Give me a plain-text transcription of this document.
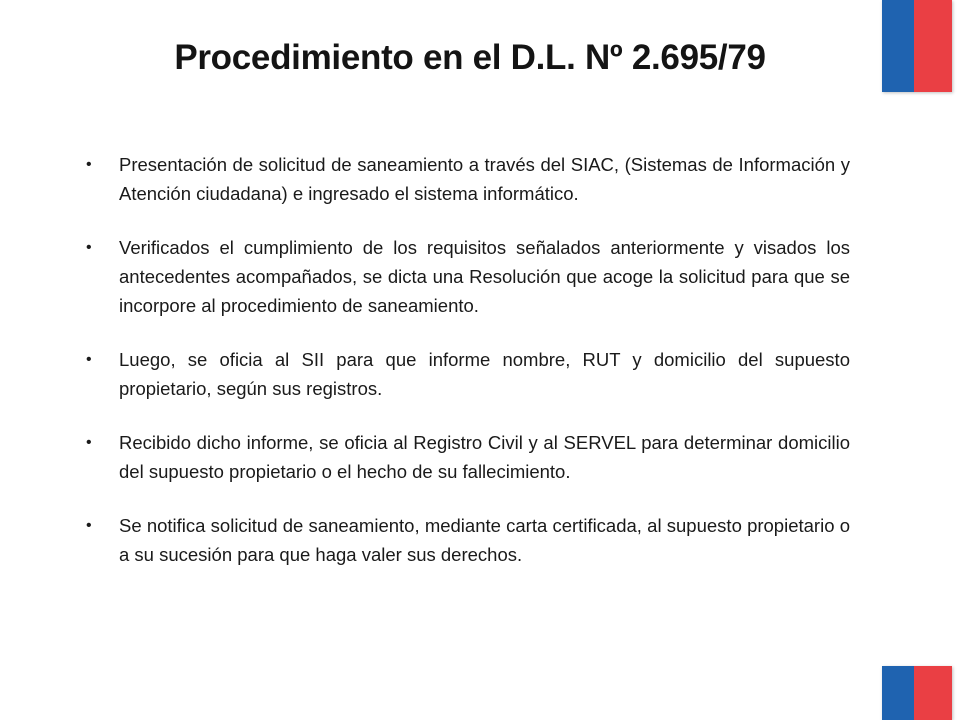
Procedimiento en el D.L. Nº 2.695/79
• Presentación de solicitud de saneamiento a través del SIAC, (Sistemas de Información y Atención ciudadana) e ingresado el sistema informático.
• Verificados el cumplimiento de los requisitos señalados anteriormente y visados los antecedentes acompañados, se dicta una Resolución que acoge la solicitud para que se incorpore al procedimiento de saneamiento.
• Luego, se oficia al SII para que informe nombre, RUT y domicilio del supuesto propietario, según sus registros.
• Recibido dicho informe, se oficia al Registro Civil y al SERVEL para determinar domicilio del supuesto propietario o el hecho de su fallecimiento.
• Se notifica solicitud de saneamiento, mediante carta certificada, al supuesto propietario o a su sucesión para que haga valer sus derechos.
